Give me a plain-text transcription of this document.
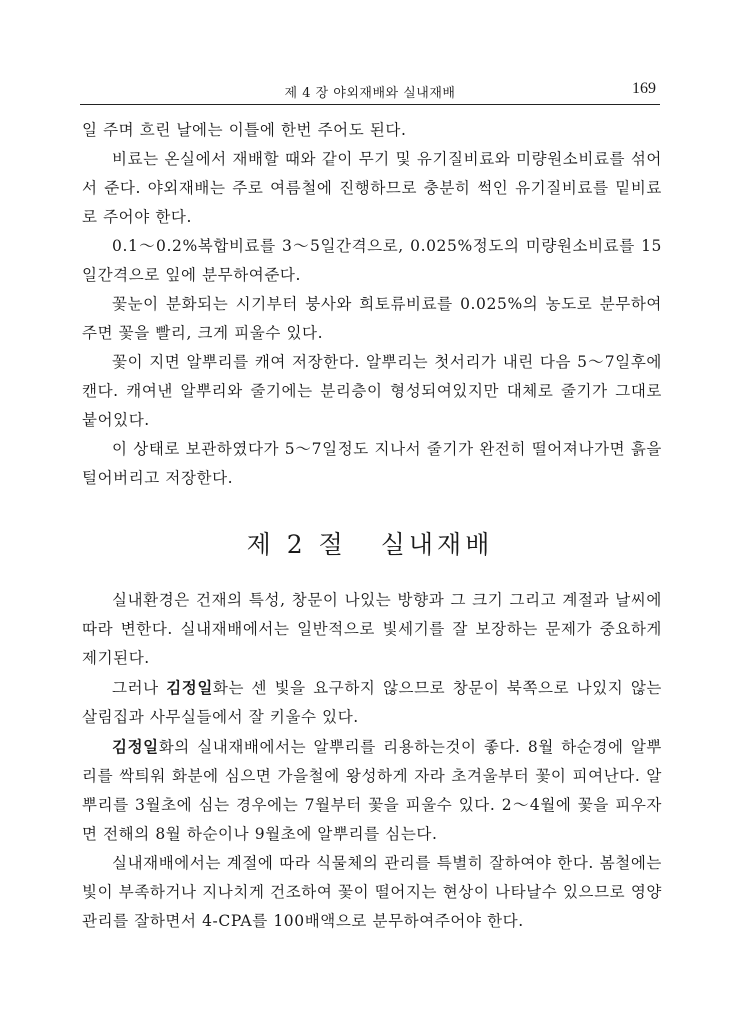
제 4 장 야외재배와 실내재배	169

일 주며 흐린 날에는 이틀에 한번 주어도 된다.

비료는 온실에서 재배할 때와 같이 무기 및 유기질비료와 미량원소비료를 섞어서 준다. 야외재배는 주로 여름철에 진행하므로 충분히 썩인 유기질비료를 밑비료로 주어야 한다.

0.1～0.2%복합비료를 3～5일간격으로, 0.025%정도의 미량원소비료를 15일간격으로 잎에 분무하여준다.

꽃눈이 분화되는 시기부터 붕사와 희토류비료를 0.025%의 농도로 분무하여주면 꽃을 빨리, 크게 피울수 있다.

꽃이 지면 알뿌리를 캐여 저장한다. 알뿌리는 첫서리가 내린 다음 5～7일후에 캔다. 캐여낸 알뿌리와 줄기에는 분리층이 형성되여있지만 대체로 줄기가 그대로 붙어있다.

이 상태로 보관하였다가 5～7일정도 지나서 줄기가 완전히 떨어져나가면 흙을 털어버리고 저장한다.

제 2 절 실내재배

실내환경은 건재의 특성, 창문이 나있는 방향과 그 크기 그리고 계절과 날씨에 따라 변한다. 실내재배에서는 일반적으로 빛세기를 잘 보장하는 문제가 중요하게 제기된다.

그러나 김정일화는 센 빛을 요구하지 않으므로 창문이 북쪽으로 나있지 않는 살림집과 사무실들에서 잘 키울수 있다.

김정일화의 실내재배에서는 알뿌리를 리용하는것이 좋다. 8월 하순경에 알뿌리를 싹틔워 화분에 심으면 가을철에 왕성하게 자라 초겨울부터 꽃이 피여난다. 알뿌리를 3월초에 심는 경우에는 7월부터 꽃을 피울수 있다. 2～4월에 꽃을 피우자면 전해의 8월 하순이나 9월초에 알뿌리를 심는다.

실내재배에서는 계절에 따라 식물체의 관리를 특별히 잘하여야 한다. 봄철에는 빛이 부족하거나 지나치게 건조하여 꽃이 떨어지는 현상이 나타날수 있으므로 영양관리를 잘하면서 4-CPA를 100배액으로 분무하여주어야 한다.
